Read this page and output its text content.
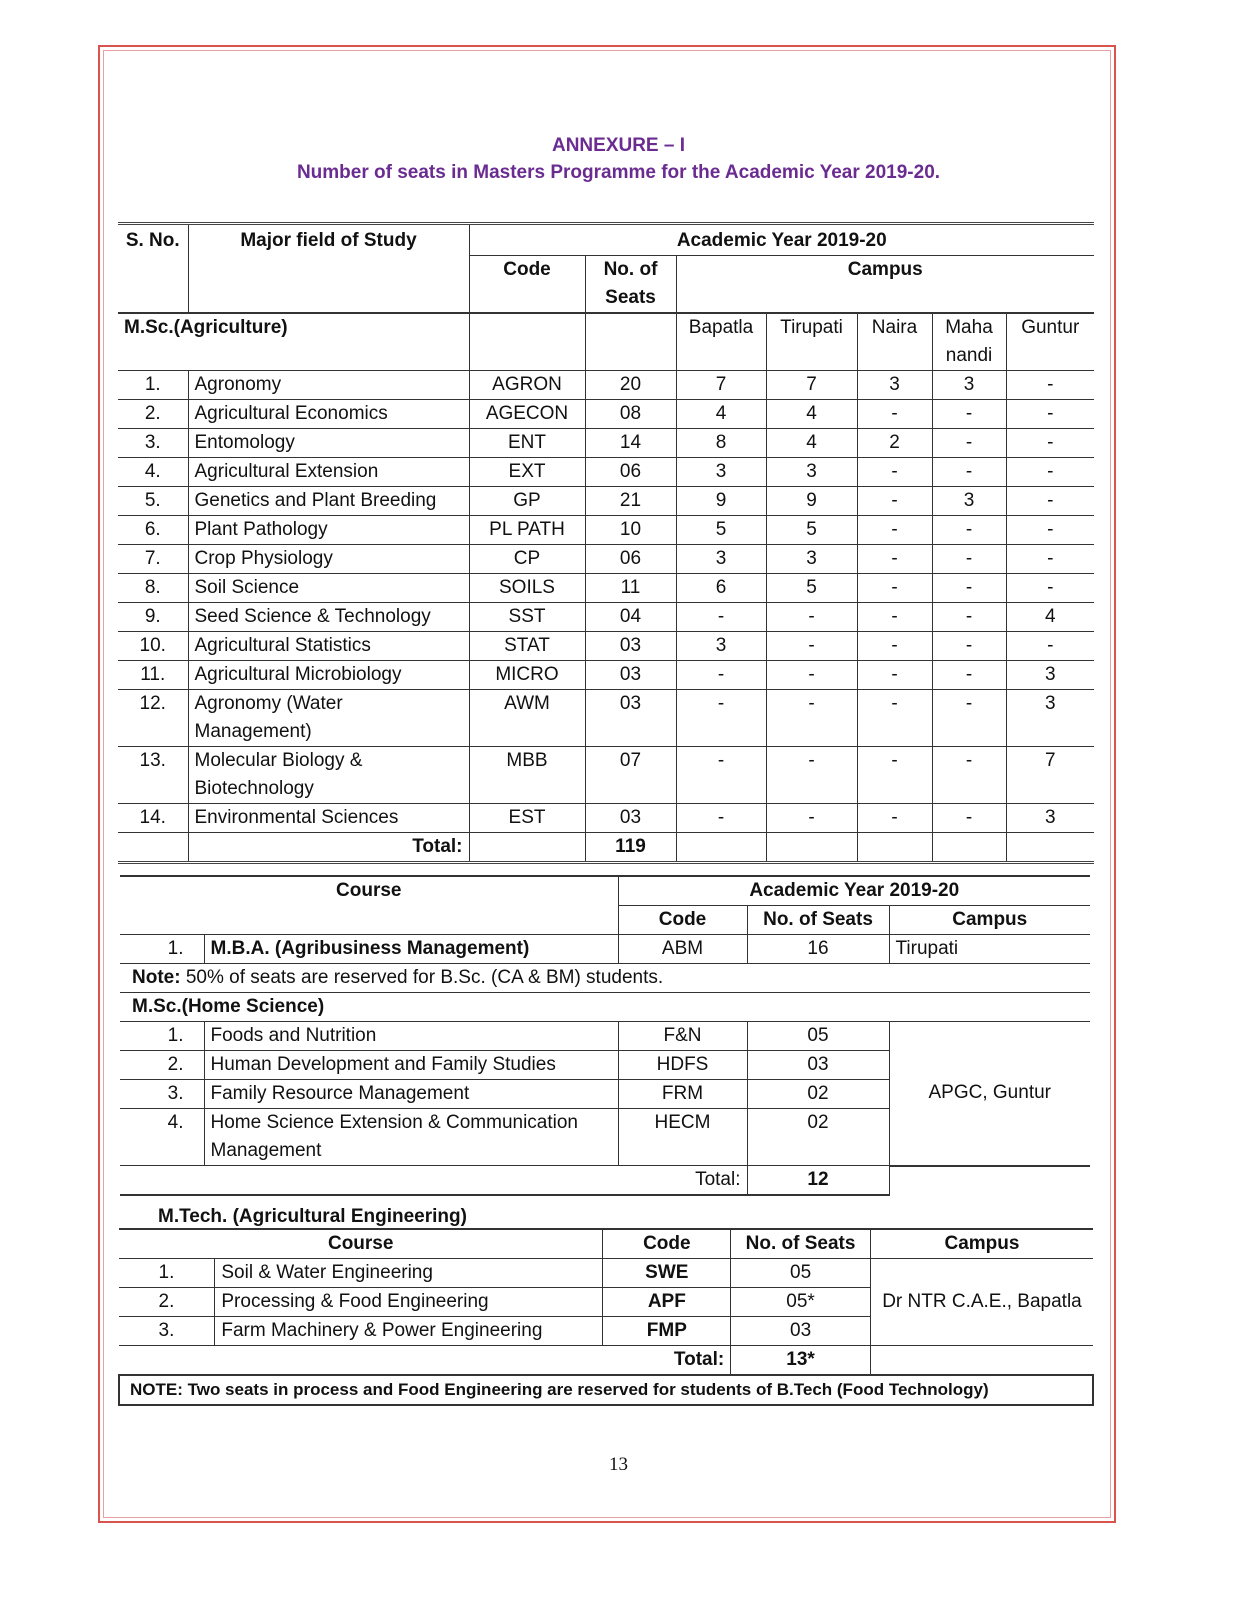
ANNEXURE – I
Number of seats in Masters Programme for the Academic Year 2019-20.
S. No.	Major field of Study	Academic Year 2019-20						
		Code	No. of Seats	Campus				
M.Sc.(Agriculture)				Bapatla	Tirupati	Naira	Maha nandi	Guntur
1.	Agronomy	AGRON	20	7	7	3	3	-
2.	Agricultural Economics	AGECON	08	4	4	-	-	-
3.	Entomology	ENT	14	8	4	2	-	-
4.	Agricultural Extension	EXT	06	3	3	-	-	-
5.	Genetics and Plant Breeding	GP	21	9	9	-	3	-
6.	Plant Pathology	PL PATH	10	5	5	-	-	-
7.	Crop Physiology	CP	06	3	3	-	-	-
8.	Soil Science	SOILS	11	6	5	-	-	-
9.	Seed Science & Technology	SST	04	-	-	-	-	4
10.	Agricultural Statistics	STAT	03	3	-	-	-	-
11.	Agricultural Microbiology	MICRO	03	-	-	-	-	3
12.	Agronomy (Water Management)	AWM	03	-	-	-	-	3
13.	Molecular Biology & Biotechnology	MBB	07	-	-	-	-	7
14.	Environmental Sciences	EST	03	-	-	-	-	3
	Total:		119					
Course		Academic Year 2019-20		
		Code	No. of Seats	Campus
1.	M.B.A. (Agribusiness Management)	ABM	16	Tirupati
Note: 50% of seats are reserved for B.Sc. (CA & BM) students.				
M.Sc.(Home Science)				
1.	Foods and Nutrition	F&N	05	APGC, Guntur
2.	Human Development and Family Studies	HDFS	03	
3.	Family Resource Management	FRM	02	
4.	Home Science Extension & Communication Management	HECM	02	
Total:			12	
M.Tech. (Agricultural Engineering)
Course		Code	No. of Seats	Campus
1.	Soil & Water Engineering	SWE	05	Dr NTR C.A.E., Bapatla
2.	Processing & Food Engineering	APF	05*	
3.	Farm Machinery & Power Engineering	FMP	03	
Total:			13*	
NOTE: Two seats in process and Food Engineering are reserved for students of B.Tech (Food Technology)				
13
